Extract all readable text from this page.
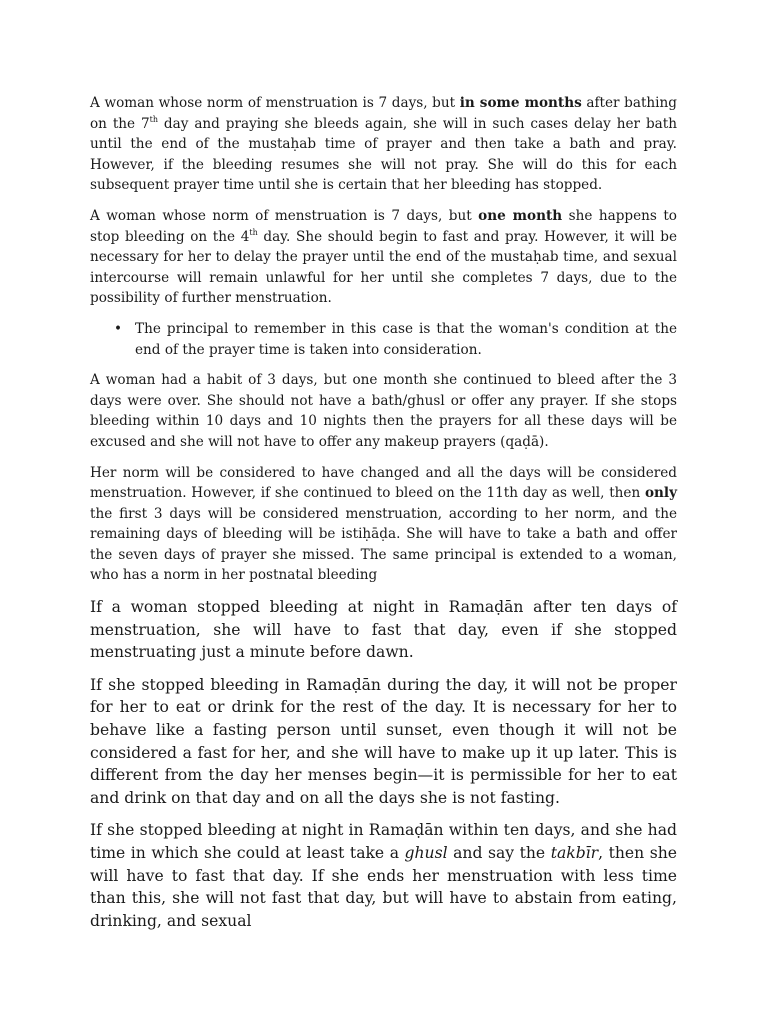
A woman whose norm of menstruation is 7 days, but in some months after bathing on the 7th day and praying she bleeds again, she will in such cases delay her bath until the end of the mustaḥab time of prayer and then take a bath and pray. However, if the bleeding resumes she will not pray. She will do this for each subsequent prayer time until she is certain that her bleeding has stopped.

A woman whose norm of menstruation is 7 days, but one month she happens to stop bleeding on the 4th day. She should begin to fast and pray. However, it will be necessary for her to delay the prayer until the end of the mustaḥab time, and sexual intercourse will remain unlawful for her until she completes 7 days, due to the possibility of further menstruation.

• The principal to remember in this case is that the woman's condition at the end of the prayer time is taken into consideration.

A woman had a habit of 3 days, but one month she continued to bleed after the 3 days were over. She should not have a bath/ghusl or offer any prayer. If she stops bleeding within 10 days and 10 nights then the prayers for all these days will be excused and she will not have to offer any makeup prayers (qaḍā).

Her norm will be considered to have changed and all the days will be considered menstruation. However, if she continued to bleed on the 11th day as well, then only the first 3 days will be considered menstruation, according to her norm, and the remaining days of bleeding will be istiḥāḍa. She will have to take a bath and offer the seven days of prayer she missed. The same principal is extended to a woman, who has a norm in her postnatal bleeding

If a woman stopped bleeding at night in Ramaḍān after ten days of menstruation, she will have to fast that day, even if she stopped menstruating just a minute before dawn.

If she stopped bleeding in Ramaḍān during the day, it will not be proper for her to eat or drink for the rest of the day. It is necessary for her to behave like a fasting person until sunset, even though it will not be considered a fast for her, and she will have to make up it up later. This is different from the day her menses begin—it is permissible for her to eat and drink on that day and on all the days she is not fasting.

If she stopped bleeding at night in Ramaḍān within ten days, and she had time in which she could at least take a ghusl and say the takbīr, then she will have to fast that day. If she ends her menstruation with less time than this, she will not fast that day, but will have to abstain from eating, drinking, and sexual
